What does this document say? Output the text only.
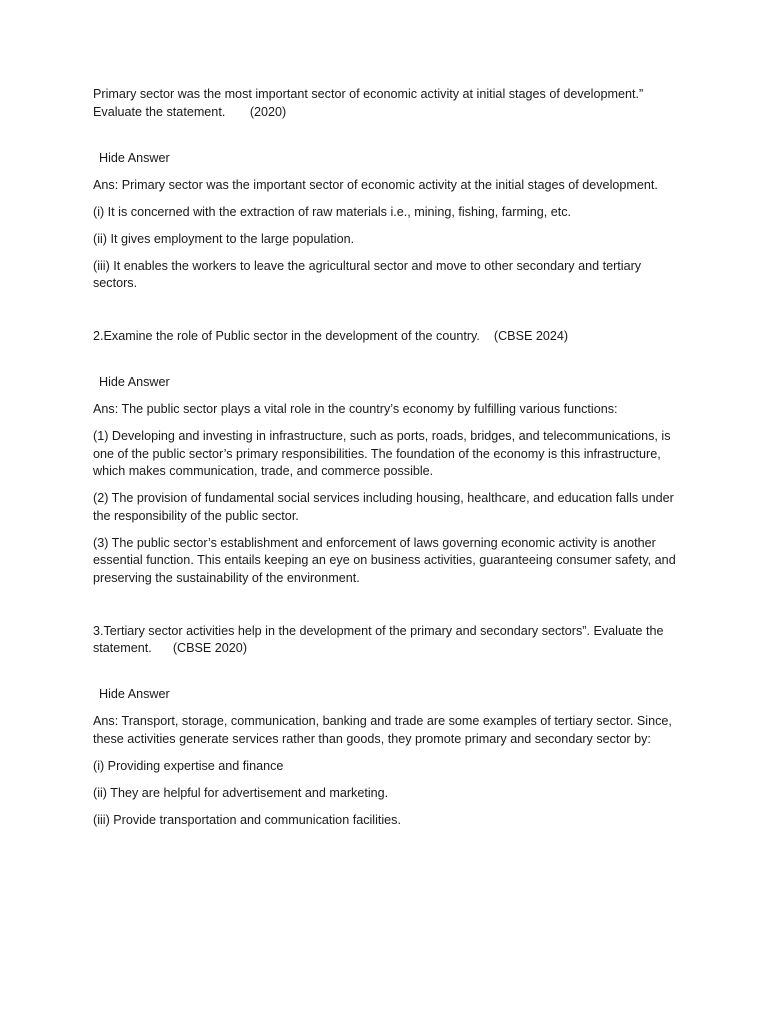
Primary sector was the most important sector of economic activity at initial stages of development.” Evaluate the statement. (2020)

Hide Answer

Ans: Primary sector was the important sector of economic activity at the initial stages of development.

(i) It is concerned with the extraction of raw materials i.e., mining, fishing, farming, etc.

(ii) It gives employment to the large population.

(iii) It enables the workers to leave the agricultural sector and move to other secondary and tertiary sectors.

2.Examine the role of Public sector in the development of the country. (CBSE 2024)

Hide Answer

Ans: The public sector plays a vital role in the country’s economy by fulfilling various functions:

(1) Developing and investing in infrastructure, such as ports, roads, bridges, and telecommunications, is one of the public sector’s primary responsibilities. The foundation of the economy is this infrastructure, which makes communication, trade, and commerce possible.

(2) The provision of fundamental social services including housing, healthcare, and education falls under the responsibility of the public sector.

(3) The public sector’s establishment and enforcement of laws governing economic activity is another essential function. This entails keeping an eye on business activities, guaranteeing consumer safety, and preserving the sustainability of the environment.

3.Tertiary sector activities help in the development of the primary and secondary sectors”. Evaluate the statement. (CBSE 2020)

Hide Answer

Ans: Transport, storage, communication, banking and trade are some examples of tertiary sector. Since, these activities generate services rather than goods, they promote primary and secondary sector by:

(i) Providing expertise and finance

(ii) They are helpful for advertisement and marketing.

(iii) Provide transportation and communication facilities.
